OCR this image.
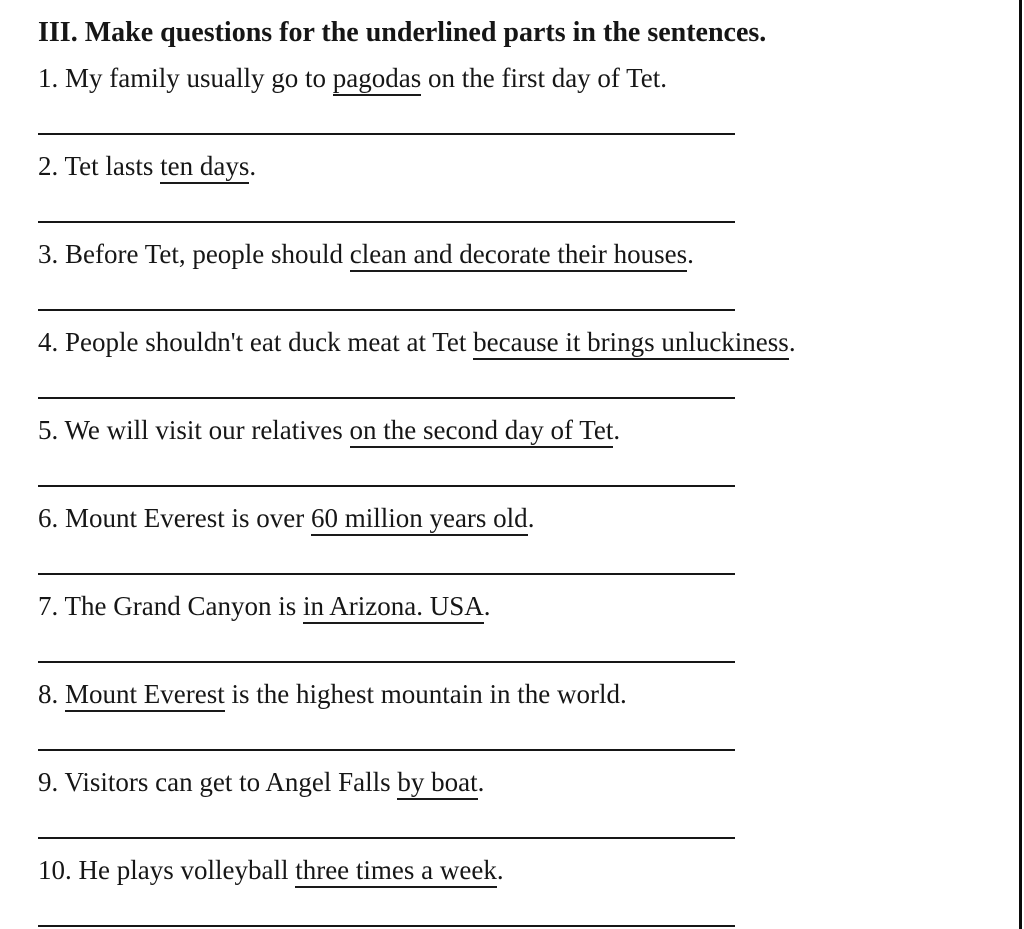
III. Make questions for the underlined parts in the sentences.

1. My family usually go to pagodas on the first day of Tet.

2. Tet lasts ten days.

3. Before Tet, people should clean and decorate their houses.

4. People shouldn't eat duck meat at Tet because it brings unluckiness.

5. We will visit our relatives on the second day of Tet.

6. Mount Everest is over 60 million years old.

7. The Grand Canyon is in Arizona. USA.

8. Mount Everest is the highest mountain in the world.

9. Visitors can get to Angel Falls by boat.

10. He plays volleyball three times a week.
